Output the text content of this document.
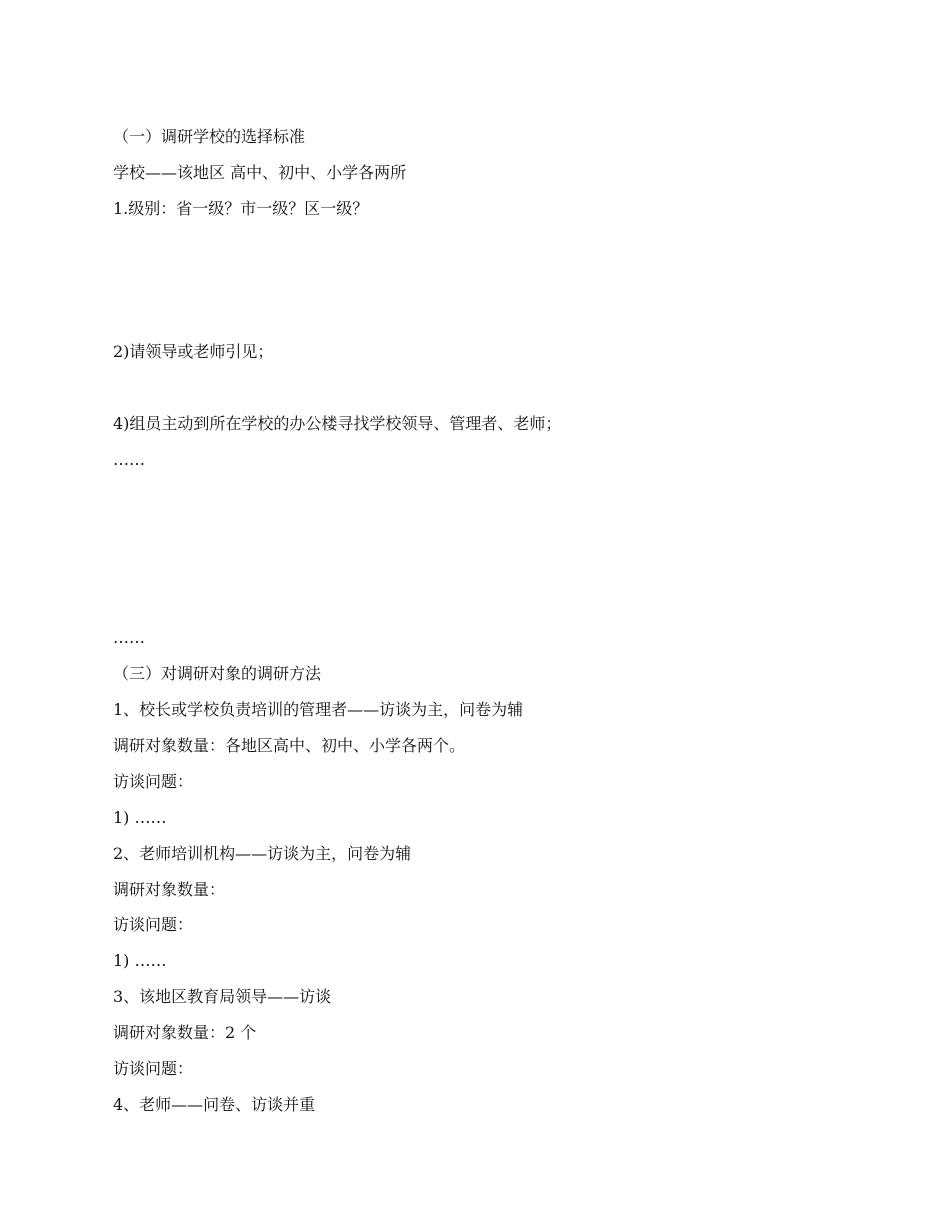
（一）调研学校的选择标准
学校——该地区 高中、初中、小学各两所
1.级别：省一级？市一级？区一级？
2)请领导或老师引见；
4)组员主动到所在学校的办公楼寻找学校领导、管理者、老师；
……
……
（三）对调研对象的调研方法
1、校长或学校负责培训的管理者——访谈为主，问卷为辅
调研对象数量：各地区高中、初中、小学各两个。
访谈问题：
1) ……
2、老师培训机构——访谈为主，问卷为辅
调研对象数量：
访谈问题：
1) ……
3、该地区教育局领导——访谈
调研对象数量：2 个
访谈问题：
4、老师——问卷、访谈并重
